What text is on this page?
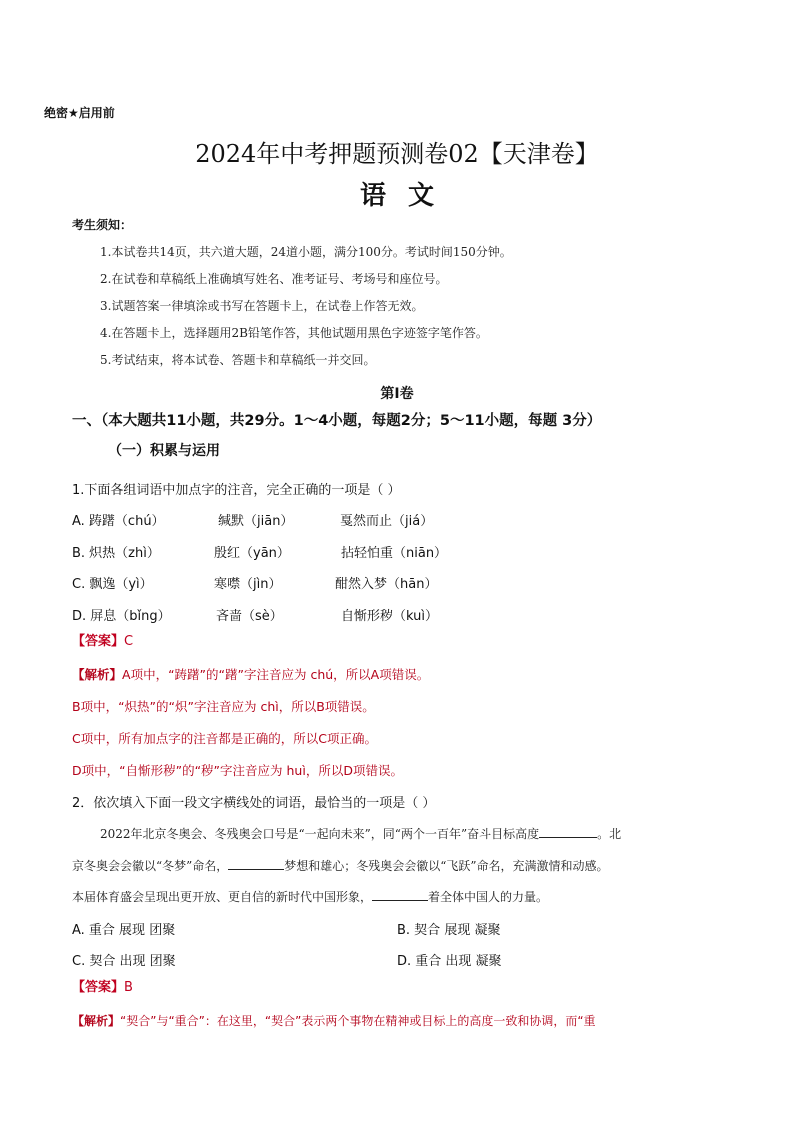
绝密★启用前
2024年中考押题预测卷02【天津卷】
语文
考生须知：
1.本试卷共14页，共六道大题，24道小题，满分100分。考试时间150分钟。
2.在试卷和草稿纸上准确填写姓名、准考证号、考场号和座位号。
3.试题答案一律填涂或书写在答题卡上，在试卷上作答无效。
4.在答题卡上，选择题用2B铅笔作答，其他试题用黑色字迹签字笔作答。
5.考试结束，将本试卷、答题卡和草稿纸一并交回。
第Ⅰ卷
一、（本大题共11小题，共29分。1～4小题，每题2分；5～11小题，每题 3分）
（一）积累与运用
1.下面各组词语中加点字的注音，完全正确的一项是（ ）
A. 踌躇（chú）	缄默（jiān）	戛然而止（jiá）
B. 炽热（zhì）	殷红（yān）	拈轻怕重（niān）
C. 飘逸（yì）	寒噤（jìn）	酣然入梦（hān）
D. 屏息（bǐng）	吝啬（sè）	自惭形秽（kuì）
【答案】C
【解析】A项中，“踌躇”的“躇”字注音应为 chú，所以A项错误。
B项中，“炽热”的“炽”字注音应为 chì，所以B项错误。
C项中，所有加点字的注音都是正确的，所以C项正确。
D项中，“自惭形秽”的“秽”字注音应为 huì，所以D项错误。
2．依次填入下面一段文字横线处的词语，最恰当的一项是（ ）
2022年北京冬奥会、冬残奥会口号是“一起向未来”，同“两个一百年”奋斗目标高度	。北
京冬奥会会徽以“冬梦”命名，	梦想和雄心；冬残奥会会徽以“飞跃”命名，充满激情和动感。
本届体育盛会呈现出更开放、更自信的新时代中国形象，	着全体中国人的力量。
A. 重合 展现 团聚	B. 契合 展现 凝聚
C. 契合 出现 团聚	D. 重合 出现 凝聚
【答案】B
【解析】“契合”与“重合”：在这里，“契合”表示两个事物在精神或目标上的高度一致和协调，而“重
